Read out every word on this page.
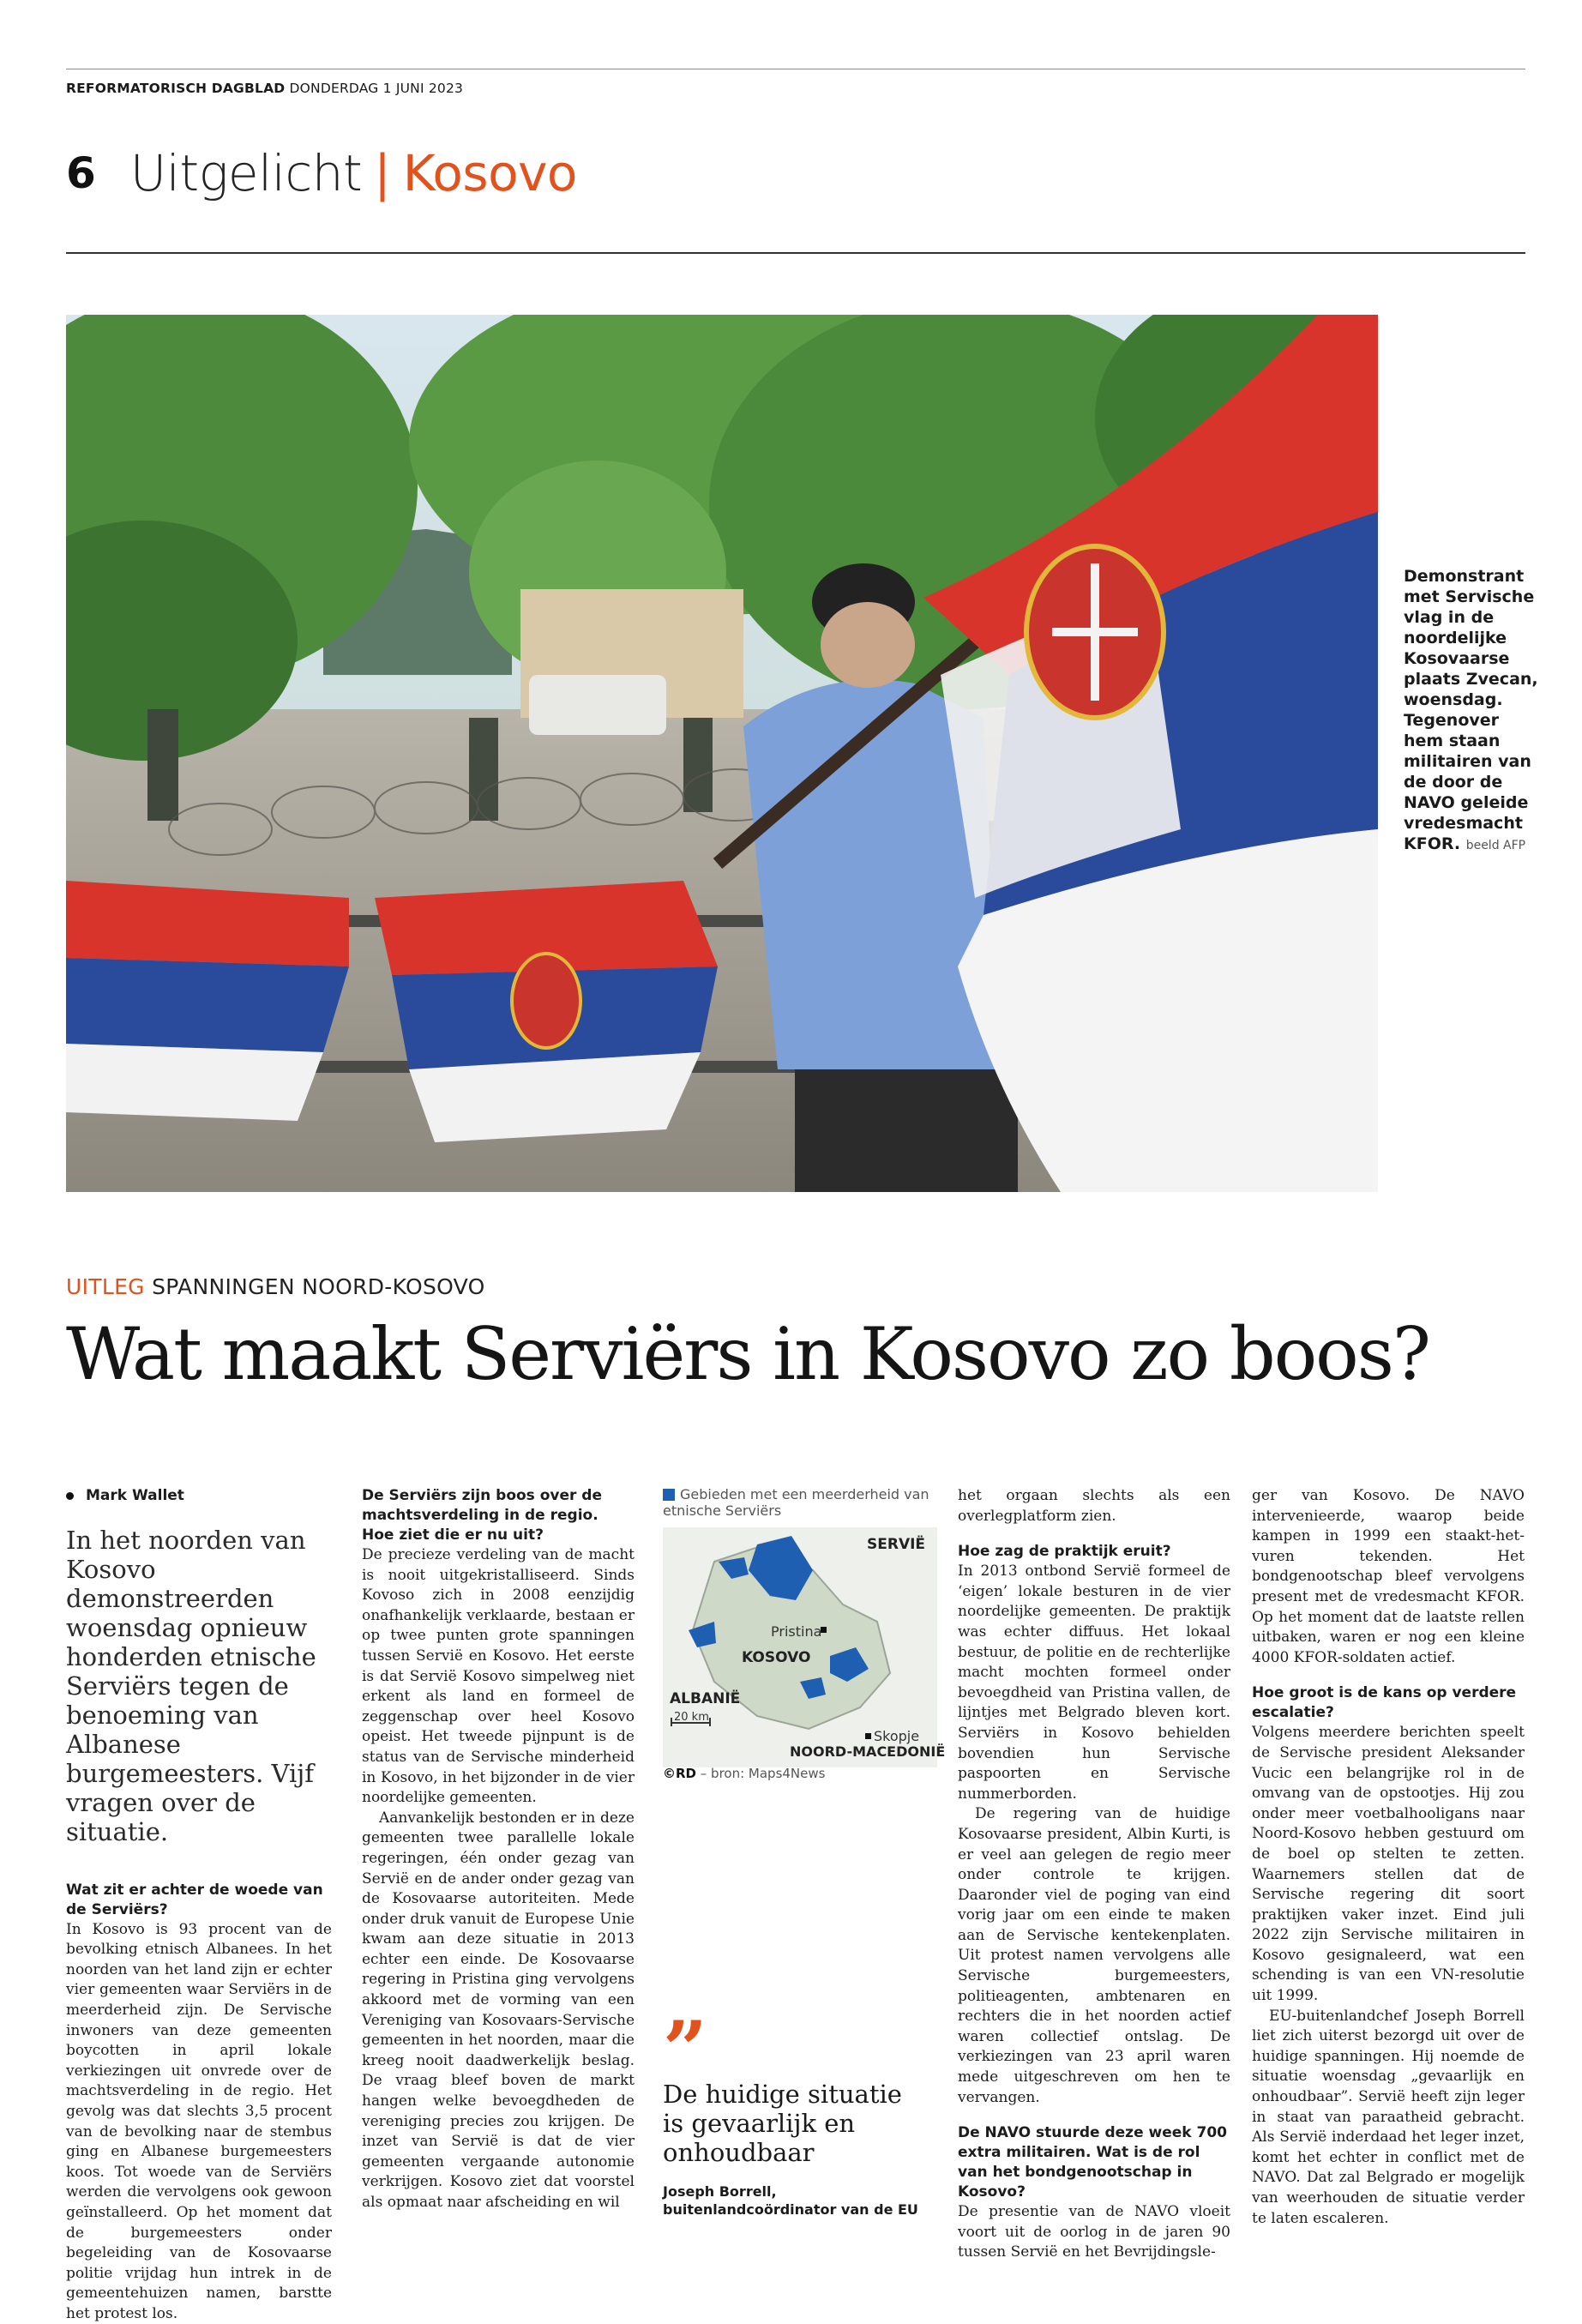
REFORMATORISCH DAGBLAD DONDERDAG 1 JUNI 2023
6 Uitgelicht | Kosovo
Demonstrant met Servische vlag in de noordelijke Kosovaarse plaats Zvecan, woensdag. Tegenover hem staan militairen van de door de NAVO geleide vredesmacht KFOR. beeld AFP
UITLEG SPANNINGEN NOORD-KOSOVO
Wat maakt Serviërs in Kosovo zo boos?
Mark Wallet
In het noorden van Kosovo demonstreerden woensdag opnieuw honderden etnische Serviërs tegen de benoeming van Albanese burgemeesters. Vijf vragen over de situatie.
Wat zit er achter de woede van de Serviërs?

In Kosovo is 93 procent van de bevolking etnisch Albanees. In het noorden van het land zijn er echter vier gemeenten waar Serviërs in de meerderheid zijn. De Servische inwoners van deze gemeenten boycotten in april lokale verkiezingen uit onvrede over de machtsverdeling in de regio. Het gevolg was dat slechts 3,5 procent van de bevolking naar de stembus ging en Albanese burgemeesters koos. Tot woede van de Serviërs werden die vervolgens ook gewoon geïnstalleerd. Op het moment dat de burgemeesters onder begeleiding van de Kosovaarse politie vrijdag hun intrek in de gemeentehuizen namen, barstte het protest los.

De Serviërs zijn boos over de machtsverdeling in de regio. Hoe ziet die er nu uit?

De precieze verdeling van de macht is nooit uitgekristalliseerd. Sinds Kovoso zich in 2008 eenzijdig onafhankelijk verklaarde, bestaan er op twee punten grote spanningen tussen Servië en Kosovo. Het eerste is dat Servië Kosovo simpelweg niet erkent als land en formeel de zeggenschap over heel Kosovo opeist. Het tweede pijnpunt is de status van de Servische minderheid in Kosovo, in het bijzonder in de vier noordelijke gemeenten.

Aanvankelijk bestonden er in deze gemeenten twee parallelle lokale regeringen, één onder gezag van Servië en de ander onder gezag van de Kosovaarse autoriteiten. Mede onder druk vanuit de Europese Unie kwam aan deze situatie in 2013 echter een einde. De Kosovaarse regering in Pristina ging vervolgens akkoord met de vorming van een Vereniging van Kosovaars-Servische gemeenten in het noorden, maar die kreeg nooit daadwerkelijk beslag. De vraag bleef boven de markt hangen welke bevoegdheden de vereniging precies zou krijgen. De inzet van Servië is dat de vier gemeenten vergaande autonomie verkrijgen. Kosovo ziet dat voorstel als opmaat naar afscheiding en wil

Gebieden met een meerderheid van etnische Serviërs
SERVIË
Pristina
KOSOVO
ALBANIË
20 km
Skopje
NOORD-MACEDONIË
©RD – bron: Maps4News
”
De huidige situatie is gevaarlijk en onhoudbaar
Joseph Borrell, buitenlandcoördinator van de EU

het orgaan slechts als een overlegplatform zien.

Hoe zag de praktijk eruit?

In 2013 ontbond Servië formeel de ‘eigen’ lokale besturen in de vier noordelijke gemeenten. De praktijk was echter diffuus. Het lokaal bestuur, de politie en de rechterlijke macht mochten formeel onder bevoegdheid van Pristina vallen, de lijntjes met Belgrado bleven kort. Serviërs in Kosovo behielden bovendien hun Servische paspoorten en Servische nummerborden.

De regering van de huidige Kosovaarse president, Albin Kurti, is er veel aan gelegen de regio meer onder controle te krijgen. Daaronder viel de poging van eind vorig jaar om een einde te maken aan de Servische kentekenplaten. Uit protest namen vervolgens alle Servische burgemeesters, politieagenten, ambtenaren en rechters die in het noorden actief waren collectief ontslag. De verkiezingen van 23 april waren mede uitgeschreven om hen te vervangen.

De NAVO stuurde deze week 700 extra militairen. Wat is de rol van het bondgenootschap in Kosovo?

De presentie van de NAVO vloeit voort uit de oorlog in de jaren 90 tussen Servië en het Bevrijdingsle-

ger van Kosovo. De NAVO intervenieerde, waarop beide kampen in 1999 een staakt-het-vuren tekenden. Het bondgenootschap bleef vervolgens present met de vredesmacht KFOR. Op het moment dat de laatste rellen uitbaken, waren er nog een kleine 4000 KFOR-soldaten actief.

Hoe groot is de kans op verdere escalatie?

Volgens meerdere berichten speelt de Servische president Aleksander Vucic een belangrijke rol in de omvang van de opstootjes. Hij zou onder meer voetbalhooligans naar Noord-Kosovo hebben gestuurd om de boel op stelten te zetten. Waarnemers stellen dat de Servische regering dit soort praktijken vaker inzet. Eind juli 2022 zijn Servische militairen in Kosovo gesignaleerd, wat een schending is van een VN-resolutie uit 1999.

EU-buitenlandchef Joseph Borrell liet zich uiterst bezorgd uit over de huidige spanningen. Hij noemde de situatie woensdag „gevaarlijk en onhoudbaar”. Servië heeft zijn leger in staat van paraatheid gebracht. Als Servië inderdaad het leger inzet, komt het echter in conflict met de NAVO. Dat zal Belgrado er mogelijk van weerhouden de situatie verder te laten escaleren.
